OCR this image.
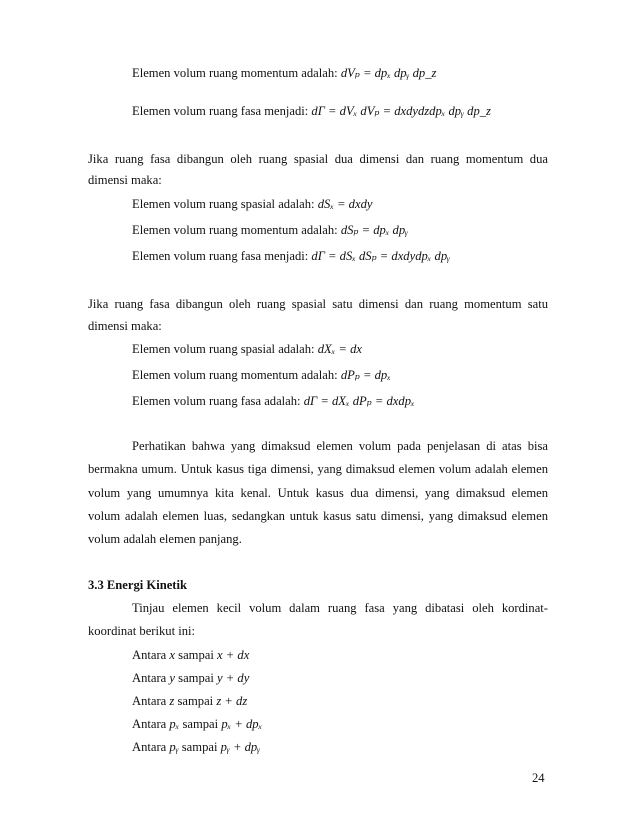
Elemen volum ruang momentum adalah: dVₚ = dpₓ dpᵧ dp_z
Elemen volum ruang fasa menjadi: dΓ = dVₓ dVₚ = dxdydzdpₓ dpᵧ dp_z
Jika ruang fasa dibangun oleh ruang spasial dua dimensi dan ruang momentum dua
dimensi maka:
Elemen volum ruang spasial adalah: dSₓ = dxdy
Elemen volum ruang momentum adalah: dSₚ = dpₓ dpᵧ
Elemen volum ruang fasa menjadi: dΓ = dSₓ dSₚ = dxdydpₓ dpᵧ
Jika ruang fasa dibangun oleh ruang spasial satu dimensi dan ruang momentum satu
dimensi maka:
Elemen volum ruang spasial adalah: dXₓ = dx
Elemen volum ruang momentum adalah: dPₚ = dpₓ
Elemen volum ruang fasa adalah: dΓ = dXₓ dPₚ = dxdpₓ
Perhatikan bahwa yang dimaksud elemen volum pada penjelasan di atas bisa
bermakna umum. Untuk kasus tiga dimensi, yang dimaksud elemen volum adalah elemen
volum yang umumnya kita kenal. Untuk kasus dua dimensi, yang dimaksud elemen
volum adalah elemen luas, sedangkan untuk kasus satu dimensi, yang dimaksud elemen
volum adalah elemen panjang.
3.3 Energi Kinetik
Tinjau elemen kecil volum dalam ruang fasa yang dibatasi oleh kordinat-
koordinat berikut ini:
Antara x sampai x + dx
Antara y sampai y + dy
Antara z sampai z + dz
Antara pₓ sampai pₓ + dpₓ
Antara pᵧ sampai pᵧ + dpᵧ
24
